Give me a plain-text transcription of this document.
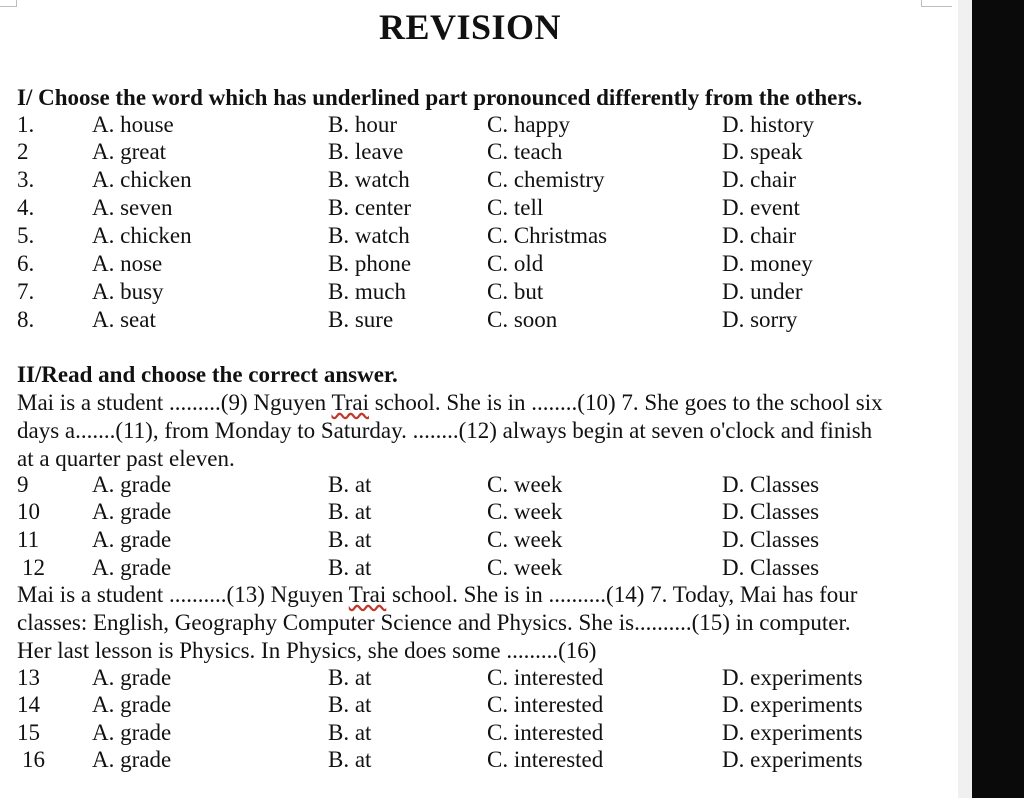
REVISION
I/ Choose the word which has underlined part pronounced differently from the others.
1.	A. house	B. hour	C. happy	D. history
2	A. great	B. leave	C. teach	D. speak
3.	A. chicken	B. watch	C. chemistry	D. chair
4.	A. seven	B. center	C. tell	D. event
5.	A. chicken	B. watch	C. Christmas	D. chair
6.	A. nose	B. phone	C. old	D. money
7.	A. busy	B. much	C. but	D. under
8.	A. seat	B. sure	C. soon	D. sorry
II/Read and choose the correct answer.
Mai is a student .........(9) Nguyen Trai school. She is in ........(10) 7. She goes to the school six
days a.......(11), from Monday to Saturday. ........(12) always begin at seven o'clock and finish
at a quarter past eleven.
9	A. grade	B. at	C. week	D. Classes
10 A. grade	B. at	C. week	D. Classes
11 A. grade	B. at	C. week	D. Classes
12 A. grade	B. at	C. week	D. Classes
Mai is a student ..........(13) Nguyen Trai school. She is in ..........(14) 7. Today, Mai has four
classes: English, Geography Computer Science and Physics. She is..........(15) in computer.
Her last lesson is Physics. In Physics, she does some .........(16)
13 A. grade	B. at	C. interested	D. experiments
14 A. grade	B. at	C. interested	D. experiments
15 A. grade	B. at	C. interested	D. experiments
16 A. grade	B. at	C. interested	D. experiments
